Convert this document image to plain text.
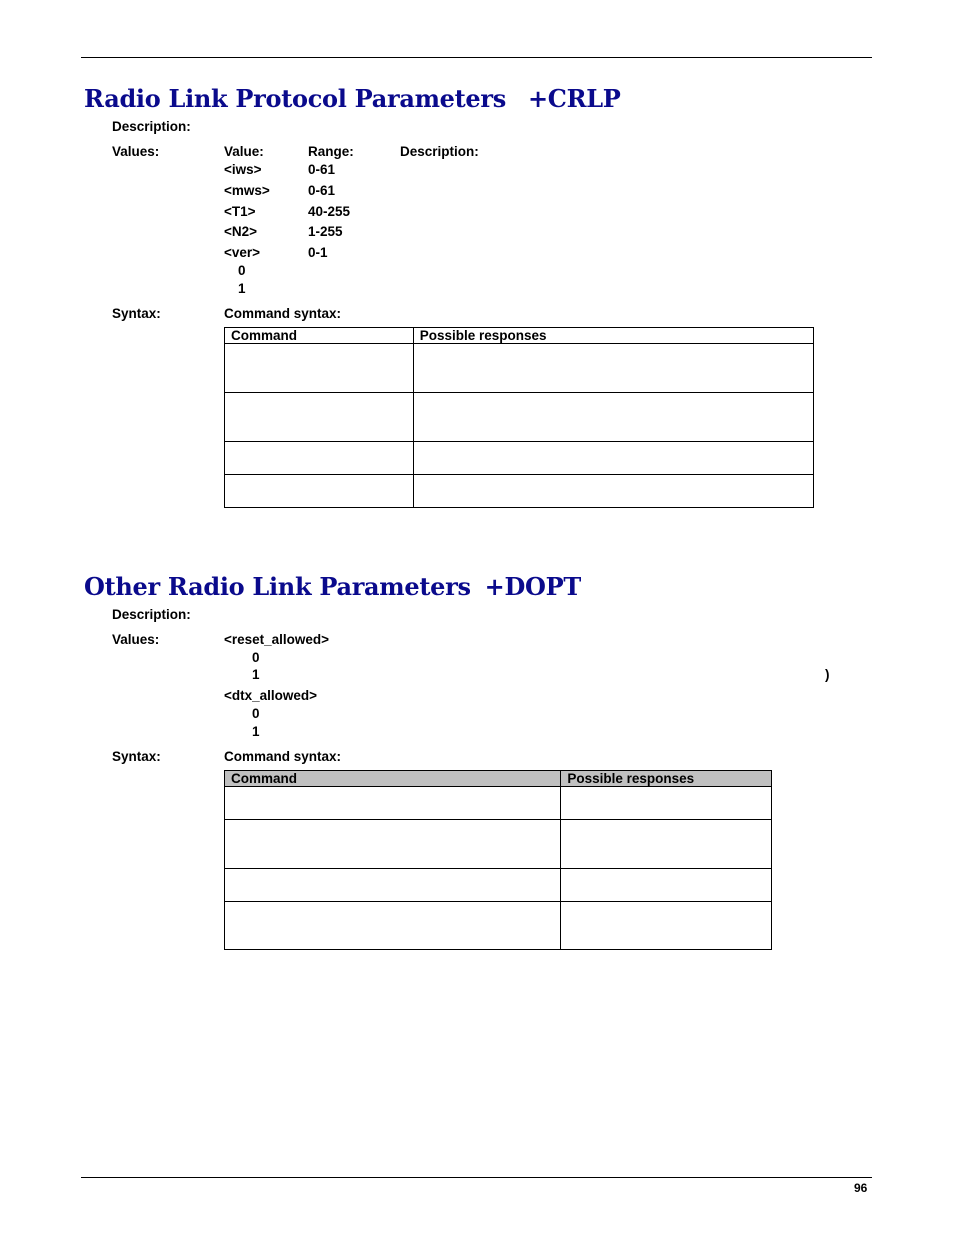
Radio Link Protocol Parameters +CRLP
Description:
Values:	Value:	Range:	Description:
<iws>	0-61
<mws>	0-61
<T1>	40-255
<N2>	1-255
<ver>	0-1
0
1
Syntax:	Command syntax:
Command	Possible responses

Other Radio Link Parameters +DOPT
Description:
Values:	<reset_allowed>
0
1	)
<dtx_allowed>
0
1
Syntax:	Command syntax:
Command	Possible responses

96
